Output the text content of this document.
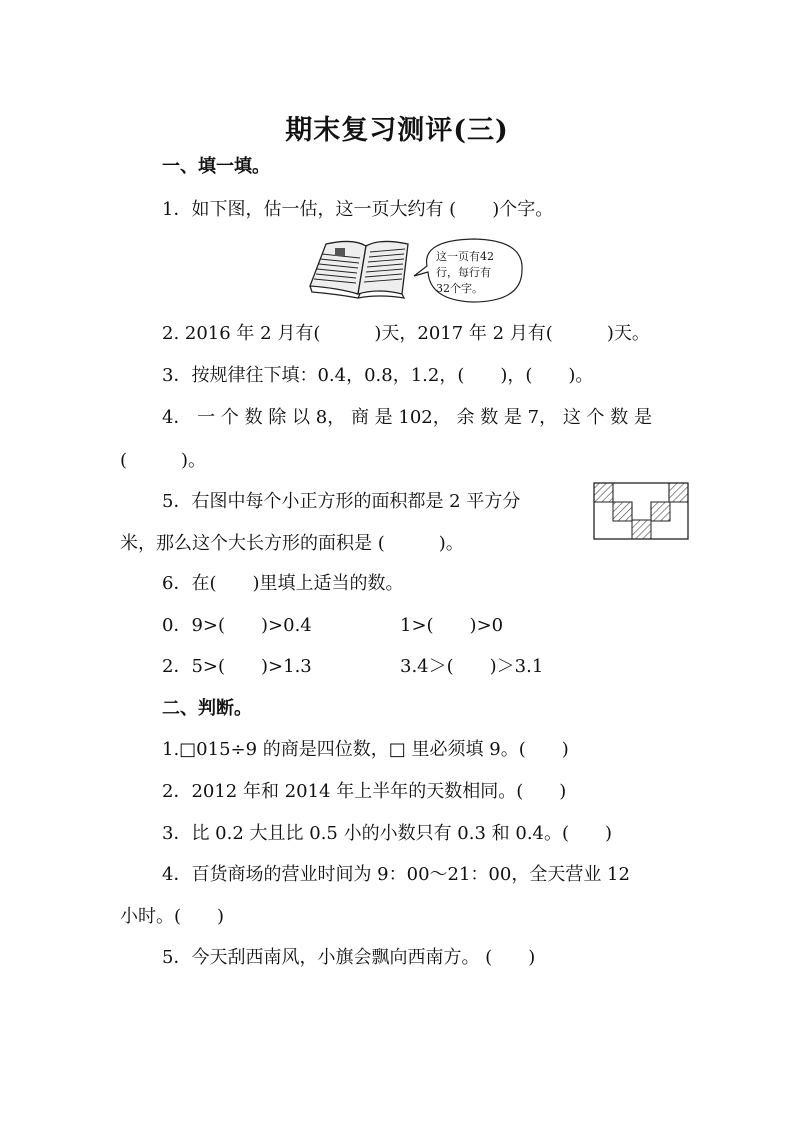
期末复习测评(三)
一、填一填。
1．如下图，估一估，这一页大约有 (　　)个字。
这一页有42
行，每行有
32个字。
2. 2016 年 2 月有(　　　)天，2017 年 2 月有(　　　)天。
3．按规律往下填：0.4，0.8，1.2，(　　)，(　　)。
4． 一 个 数 除 以 8， 商 是 102， 余 数 是 7， 这 个 数 是
(　　　)。
5．右图中每个小正方形的面积都是 2 平方分
米，那么这个大长方形的面积是 (　　　)。
6．在(　　)里填上适当的数。
0．9>(　　)>0.4	1>(　　)>0
2．5>(　　)>1.3	3.4＞(　　)＞3.1
二、判断。
1.□015÷9 的商是四位数，□ 里必须填 9。(　　)
2．2012 年和 2014 年上半年的天数相同。(　　)
3．比 0.2 大且比 0.5 小的小数只有 0.3 和 0.4。(　　)
4．百货商场的营业时间为 9：00～21：00，全天营业 12
小时。(　　)
5．今天刮西南风，小旗会飘向西南方。 (　　)
